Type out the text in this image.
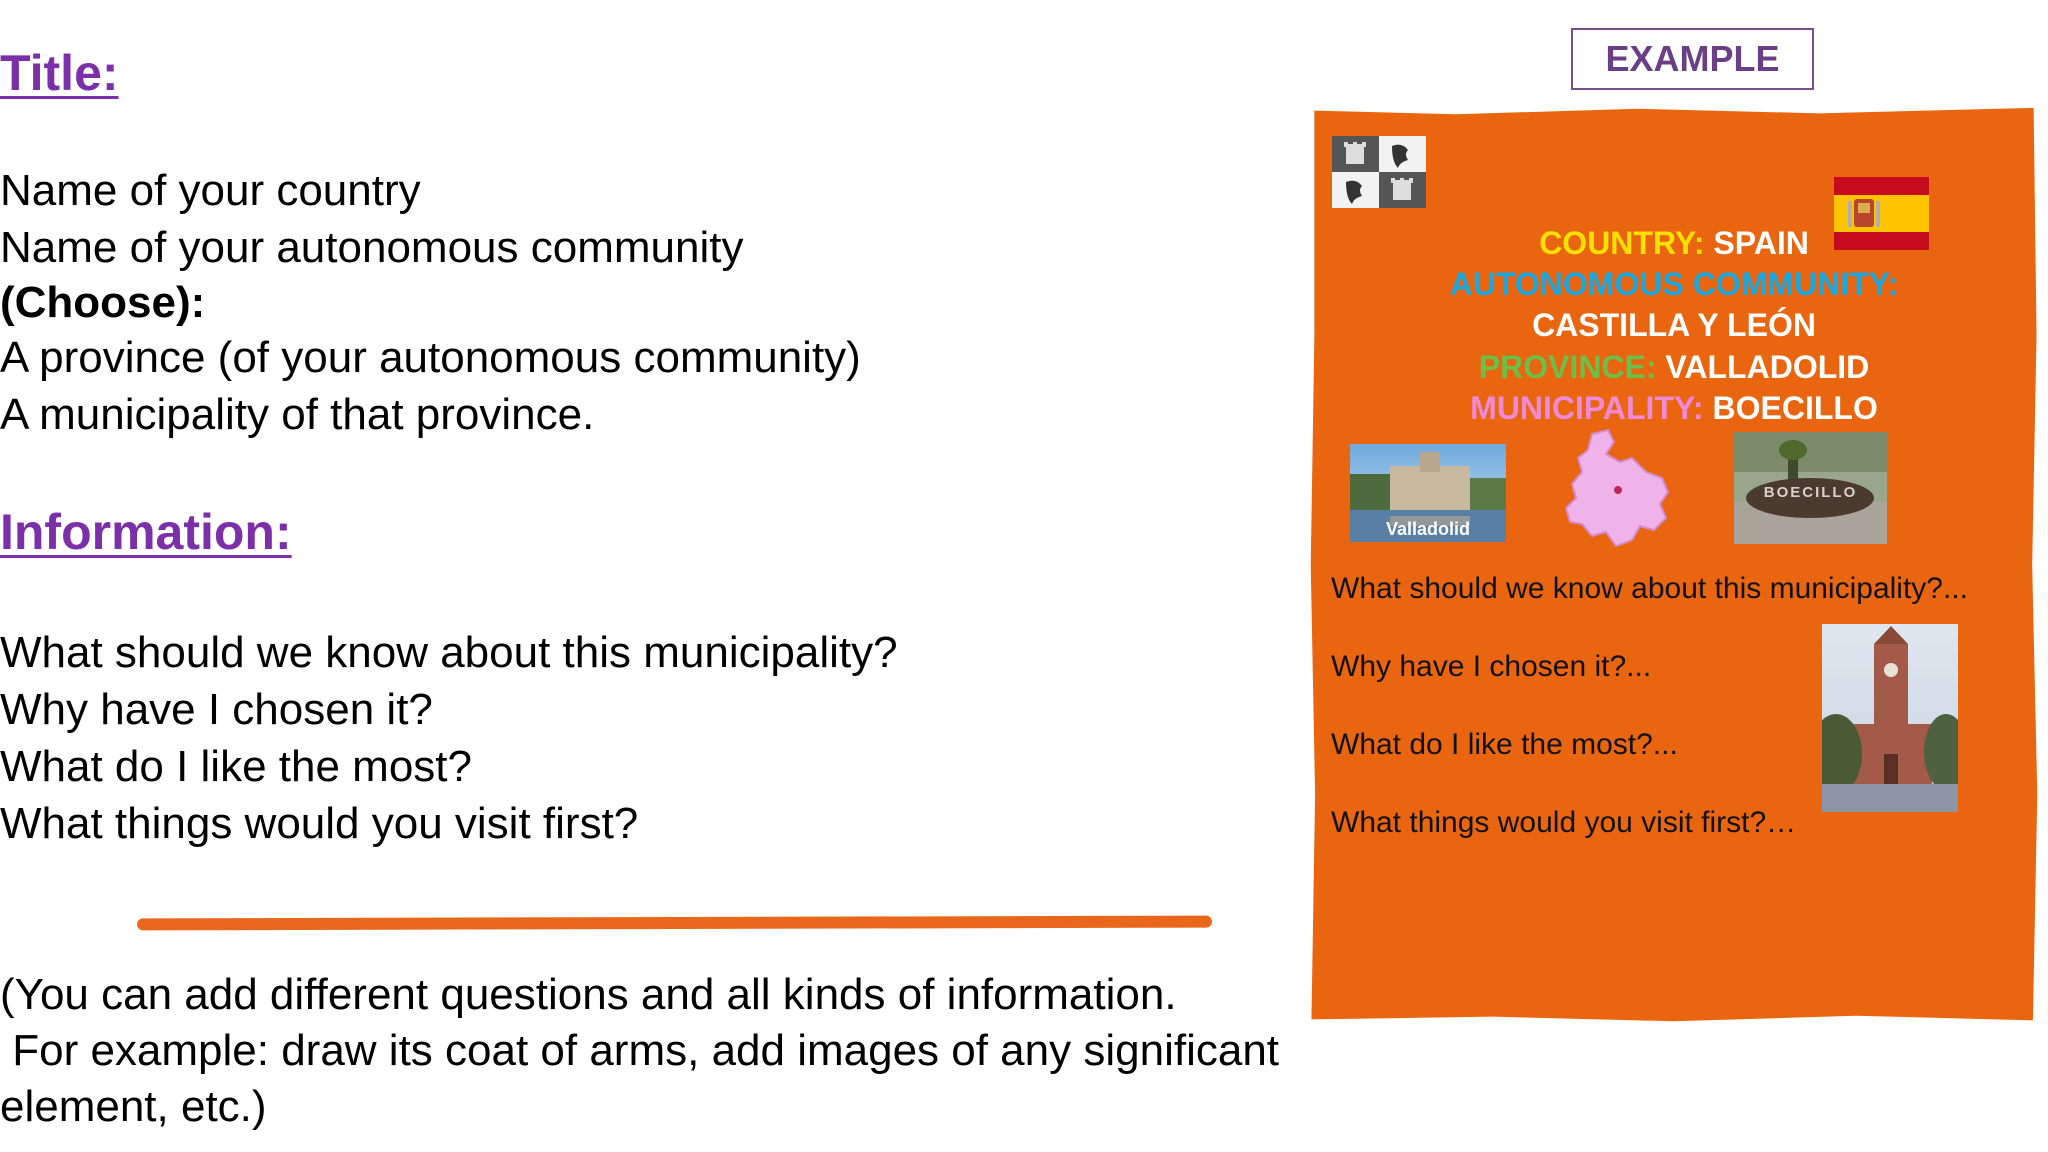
Title:
Name of your country
Name of your autonomous community
(Choose):
A province (of your autonomous community)
A municipality of that province.
Information:
What should we know about this municipality?
Why have I chosen it?
What do I like the most?
What things would you visit first?
(You can add different questions and all kinds of information.
For example: draw its coat of arms, add images of any significant
element, etc.)
EXAMPLE
COUNTRY: SPAIN
AUTONOMOUS COMMUNITY:
CASTILLA Y LEÓN
PROVINCE: VALLADOLID
MUNICIPALITY: BOECILLO
Valladolid
BOECILLO
What should we know about this municipality?...
Why have I chosen it?...
What do I like the most?...
What things would you visit first?…
